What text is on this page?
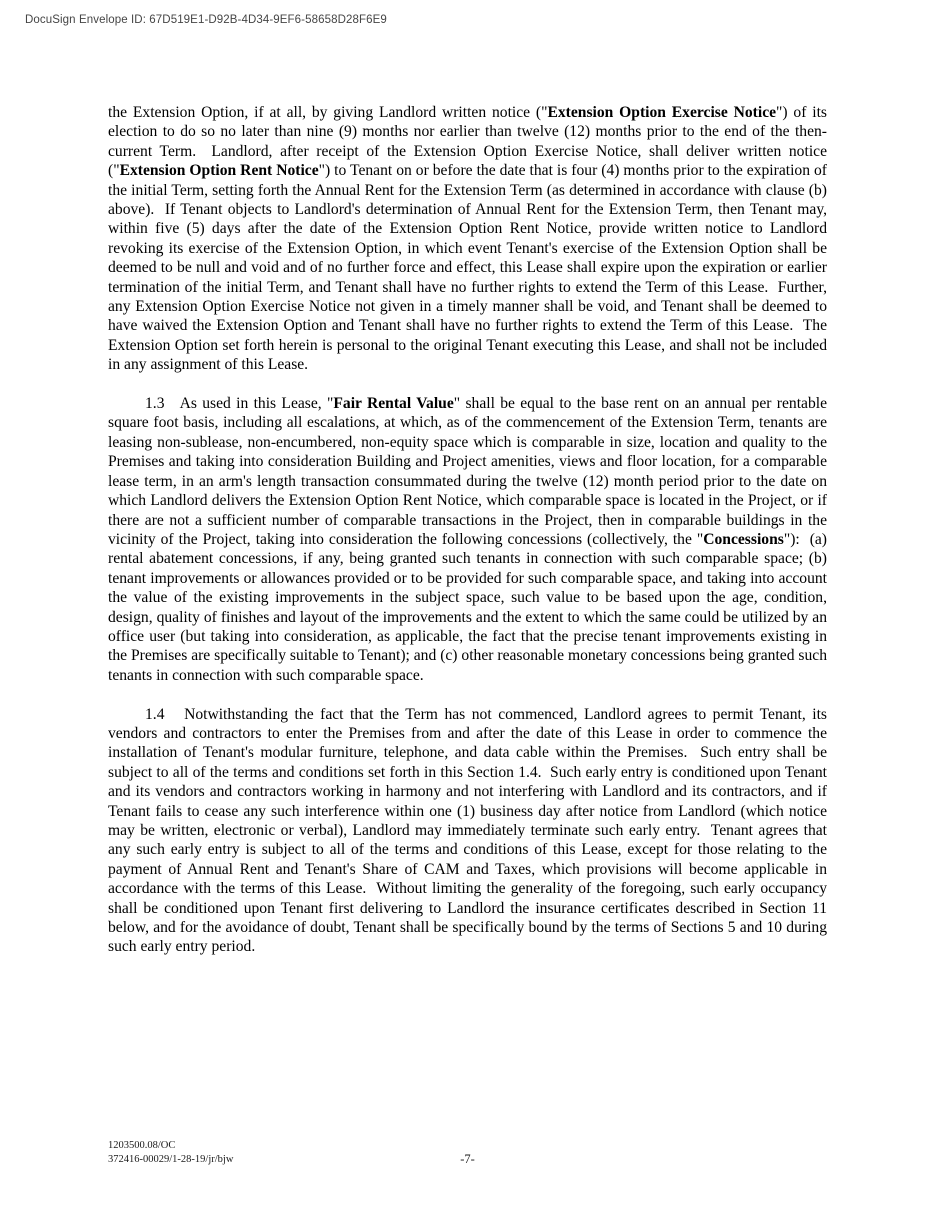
DocuSign Envelope ID: 67D519E1-D92B-4D34-9EF6-58658D28F6E9

the Extension Option, if at all, by giving Landlord written notice ("Extension Option Exercise Notice") of its election to do so no later than nine (9) months nor earlier than twelve (12) months prior to the end of the then-current Term.  Landlord, after receipt of the Extension Option Exercise Notice, shall deliver written notice ("Extension Option Rent Notice") to Tenant on or before the date that is four (4) months prior to the expiration of the initial Term, setting forth the Annual Rent for the Extension Term (as determined in accordance with clause (b) above).  If Tenant objects to Landlord's determination of Annual Rent for the Extension Term, then Tenant may, within five (5) days after the date of the Extension Option Rent Notice, provide written notice to Landlord revoking its exercise of the Extension Option, in which event Tenant's exercise of the Extension Option shall be deemed to be null and void and of no further force and effect, this Lease shall expire upon the expiration or earlier termination of the initial Term, and Tenant shall have no further rights to extend the Term of this Lease.  Further, any Extension Option Exercise Notice not given in a timely manner shall be void, and Tenant shall be deemed to have waived the Extension Option and Tenant shall have no further rights to extend the Term of this Lease.  The Extension Option set forth herein is personal to the original Tenant executing this Lease, and shall not be included in any assignment of this Lease.

1.3   As used in this Lease, "Fair Rental Value" shall be equal to the base rent on an annual per rentable square foot basis, including all escalations, at which, as of the commencement of the Extension Term, tenants are leasing non-sublease, non-encumbered, non-equity space which is comparable in size, location and quality to the Premises and taking into consideration Building and Project amenities, views and floor location, for a comparable lease term, in an arm's length transaction consummated during the twelve (12) month period prior to the date on which Landlord delivers the Extension Option Rent Notice, which comparable space is located in the Project, or if there are not a sufficient number of comparable transactions in the Project, then in comparable buildings in the vicinity of the Project, taking into consideration the following concessions (collectively, the "Concessions"):  (a) rental abatement concessions, if any, being granted such tenants in connection with such comparable space; (b) tenant improvements or allowances provided or to be provided for such comparable space, and taking into account the value of the existing improvements in the subject space, such value to be based upon the age, condition, design, quality of finishes and layout of the improvements and the extent to which the same could be utilized by an office user (but taking into consideration, as applicable, the fact that the precise tenant improvements existing in the Premises are specifically suitable to Tenant); and (c) other reasonable monetary concessions being granted such tenants in connection with such comparable space.

1.4   Notwithstanding the fact that the Term has not commenced, Landlord agrees to permit Tenant, its vendors and contractors to enter the Premises from and after the date of this Lease in order to commence the installation of Tenant's modular furniture, telephone, and data cable within the Premises.  Such entry shall be subject to all of the terms and conditions set forth in this Section 1.4.  Such early entry is conditioned upon Tenant and its vendors and contractors working in harmony and not interfering with Landlord and its contractors, and if Tenant fails to cease any such interference within one (1) business day after notice from Landlord (which notice may be written, electronic or verbal), Landlord may immediately terminate such early entry.  Tenant agrees that any such early entry is subject to all of the terms and conditions of this Lease, except for those relating to the payment of Annual Rent and Tenant's Share of CAM and Taxes, which provisions will become applicable in accordance with the terms of this Lease.  Without limiting the generality of the foregoing, such early occupancy shall be conditioned upon Tenant first delivering to Landlord the insurance certificates described in Section 11 below, and for the avoidance of doubt, Tenant shall be specifically bound by the terms of Sections 5 and 10 during such early entry period.

1203500.08/OC
372416-00029/1-28-19/jr/bjw	-7-
